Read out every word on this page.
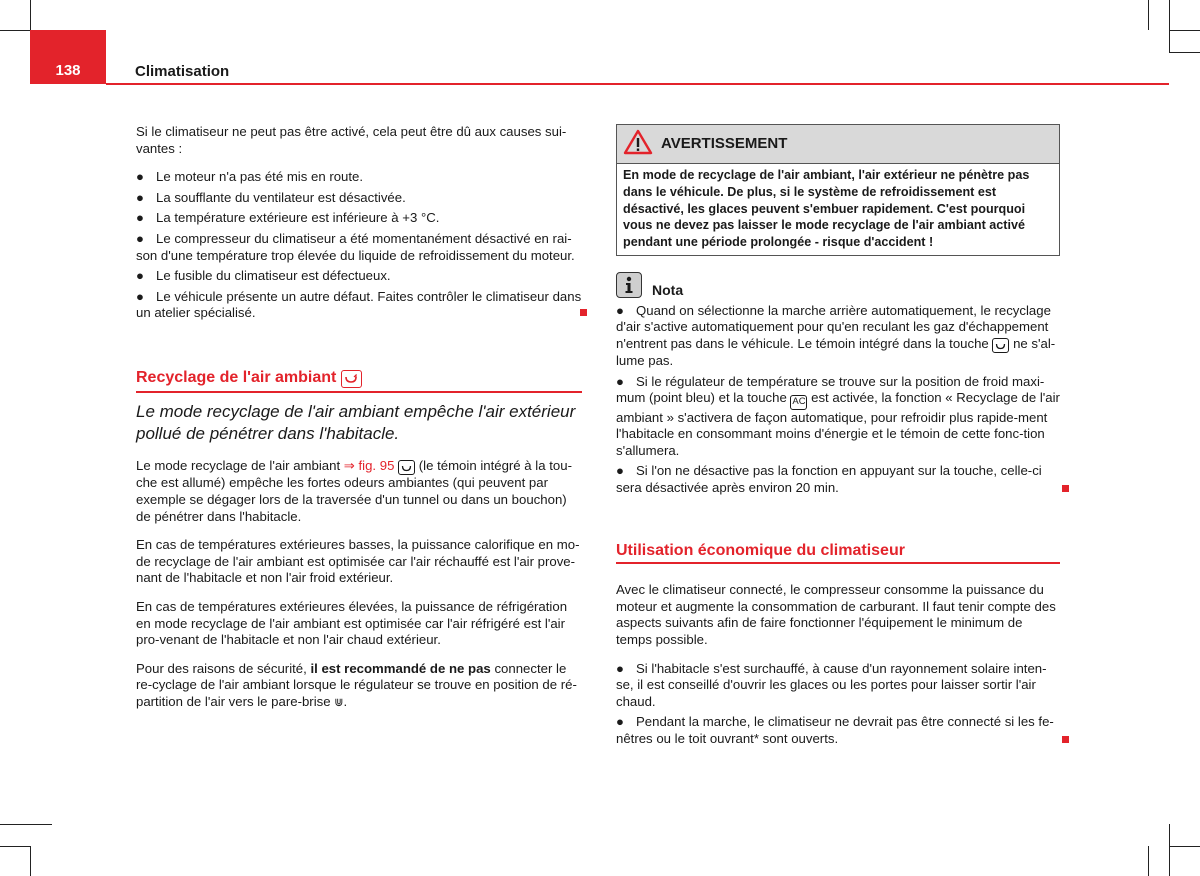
138	Climatisation

Si le climatiseur ne peut pas être activé, cela peut être dû aux causes sui-
vantes :

● Le moteur n'a pas été mis en route.

● La soufflante du ventilateur est désactivée.

● La température extérieure est inférieure à +3 °C.

● Le compresseur du climatiseur a été momentanément désactivé en rai-

son d'une température trop élevée du liquide de refroidissement du moteur.

● Le fusible du climatiseur est défectueux.

● Le véhicule présente un autre défaut. Faites contrôler le climatiseur dans

un atelier spécialisé.

Recyclage de l'air ambiant

Le mode recyclage de l'air ambiant empêche l'air extérieur pollué de pénétrer dans l'habitacle.

Le mode recyclage de l'air ambiant ⇒ fig. 95
(le témoin intégré à la tou- che est allumé) empêche les fortes odeurs ambiantes (qui peuvent par exemple se dégager lors de la traversée d'un tunnel ou dans un bouchon) de pénétrer dans l'habitacle.

En cas de températures extérieures basses, la puissance calorifique en mo-de recyclage de l'air ambiant est optimisée car l'air réchauffé est l'air prove-nant de l'habitacle et non l'air froid extérieur.

En cas de températures extérieures élevées, la puissance de réfrigération en mode recyclage de l'air ambiant est optimisée car l'air réfrigéré est l'air pro-venant de l'habitacle et non l'air chaud extérieur.

Pour des raisons de sécurité, il est recommandé de ne pas connecter le re-cyclage de l'air ambiant lorsque le régulateur se trouve en position de ré-partition de l'air vers le pare-brise ⋓.

AVERTISSEMENT
En mode de recyclage de l'air ambiant, l'air extérieur ne pénètre pas dans le véhicule. De plus, si le système de refroidissement est désactivé, les glaces peuvent s'embuer rapidement. C'est pourquoi vous ne devez pas laisser le mode recyclage de l'air ambiant activé pendant une période prolongée - risque d'accident !
Nota

● Quand on sélectionne la marche arrière automatiquement, le recyclage d'air s'active automatiquement pour qu'en reculant les gaz d'échappement n'entrent pas dans le véhicule. Le témoin intégré dans la touche
ne s'al-lume pas.

● Si le régulateur de température se trouve sur la position de froid maxi-mum (point bleu) et la touche AC est activée, la fonction « Recyclage de l'air ambiant » s'activera de façon automatique, pour refroidir plus rapide-ment l'habitacle en consommant moins d'énergie et le témoin de cette fonc-tion s'allumera.

● Si l'on ne désactive pas la fonction en appuyant sur la touche, celle-ci sera désactivée après environ 20 min.

Utilisation économique du climatiseur

Avec le climatiseur connecté, le compresseur consomme la puissance du moteur et augmente la consommation de carburant. Il faut tenir compte des aspects suivants afin de faire fonctionner l'équipement le minimum de temps possible.

● Si l'habitacle s'est surchauffé, à cause d'un rayonnement solaire inten-se, il est conseillé d'ouvrir les glaces ou les portes pour laisser sortir l'air chaud.

● Pendant la marche, le climatiseur ne devrait pas être connecté si les fe-nêtres ou le toit ouvrant* sont ouverts.
